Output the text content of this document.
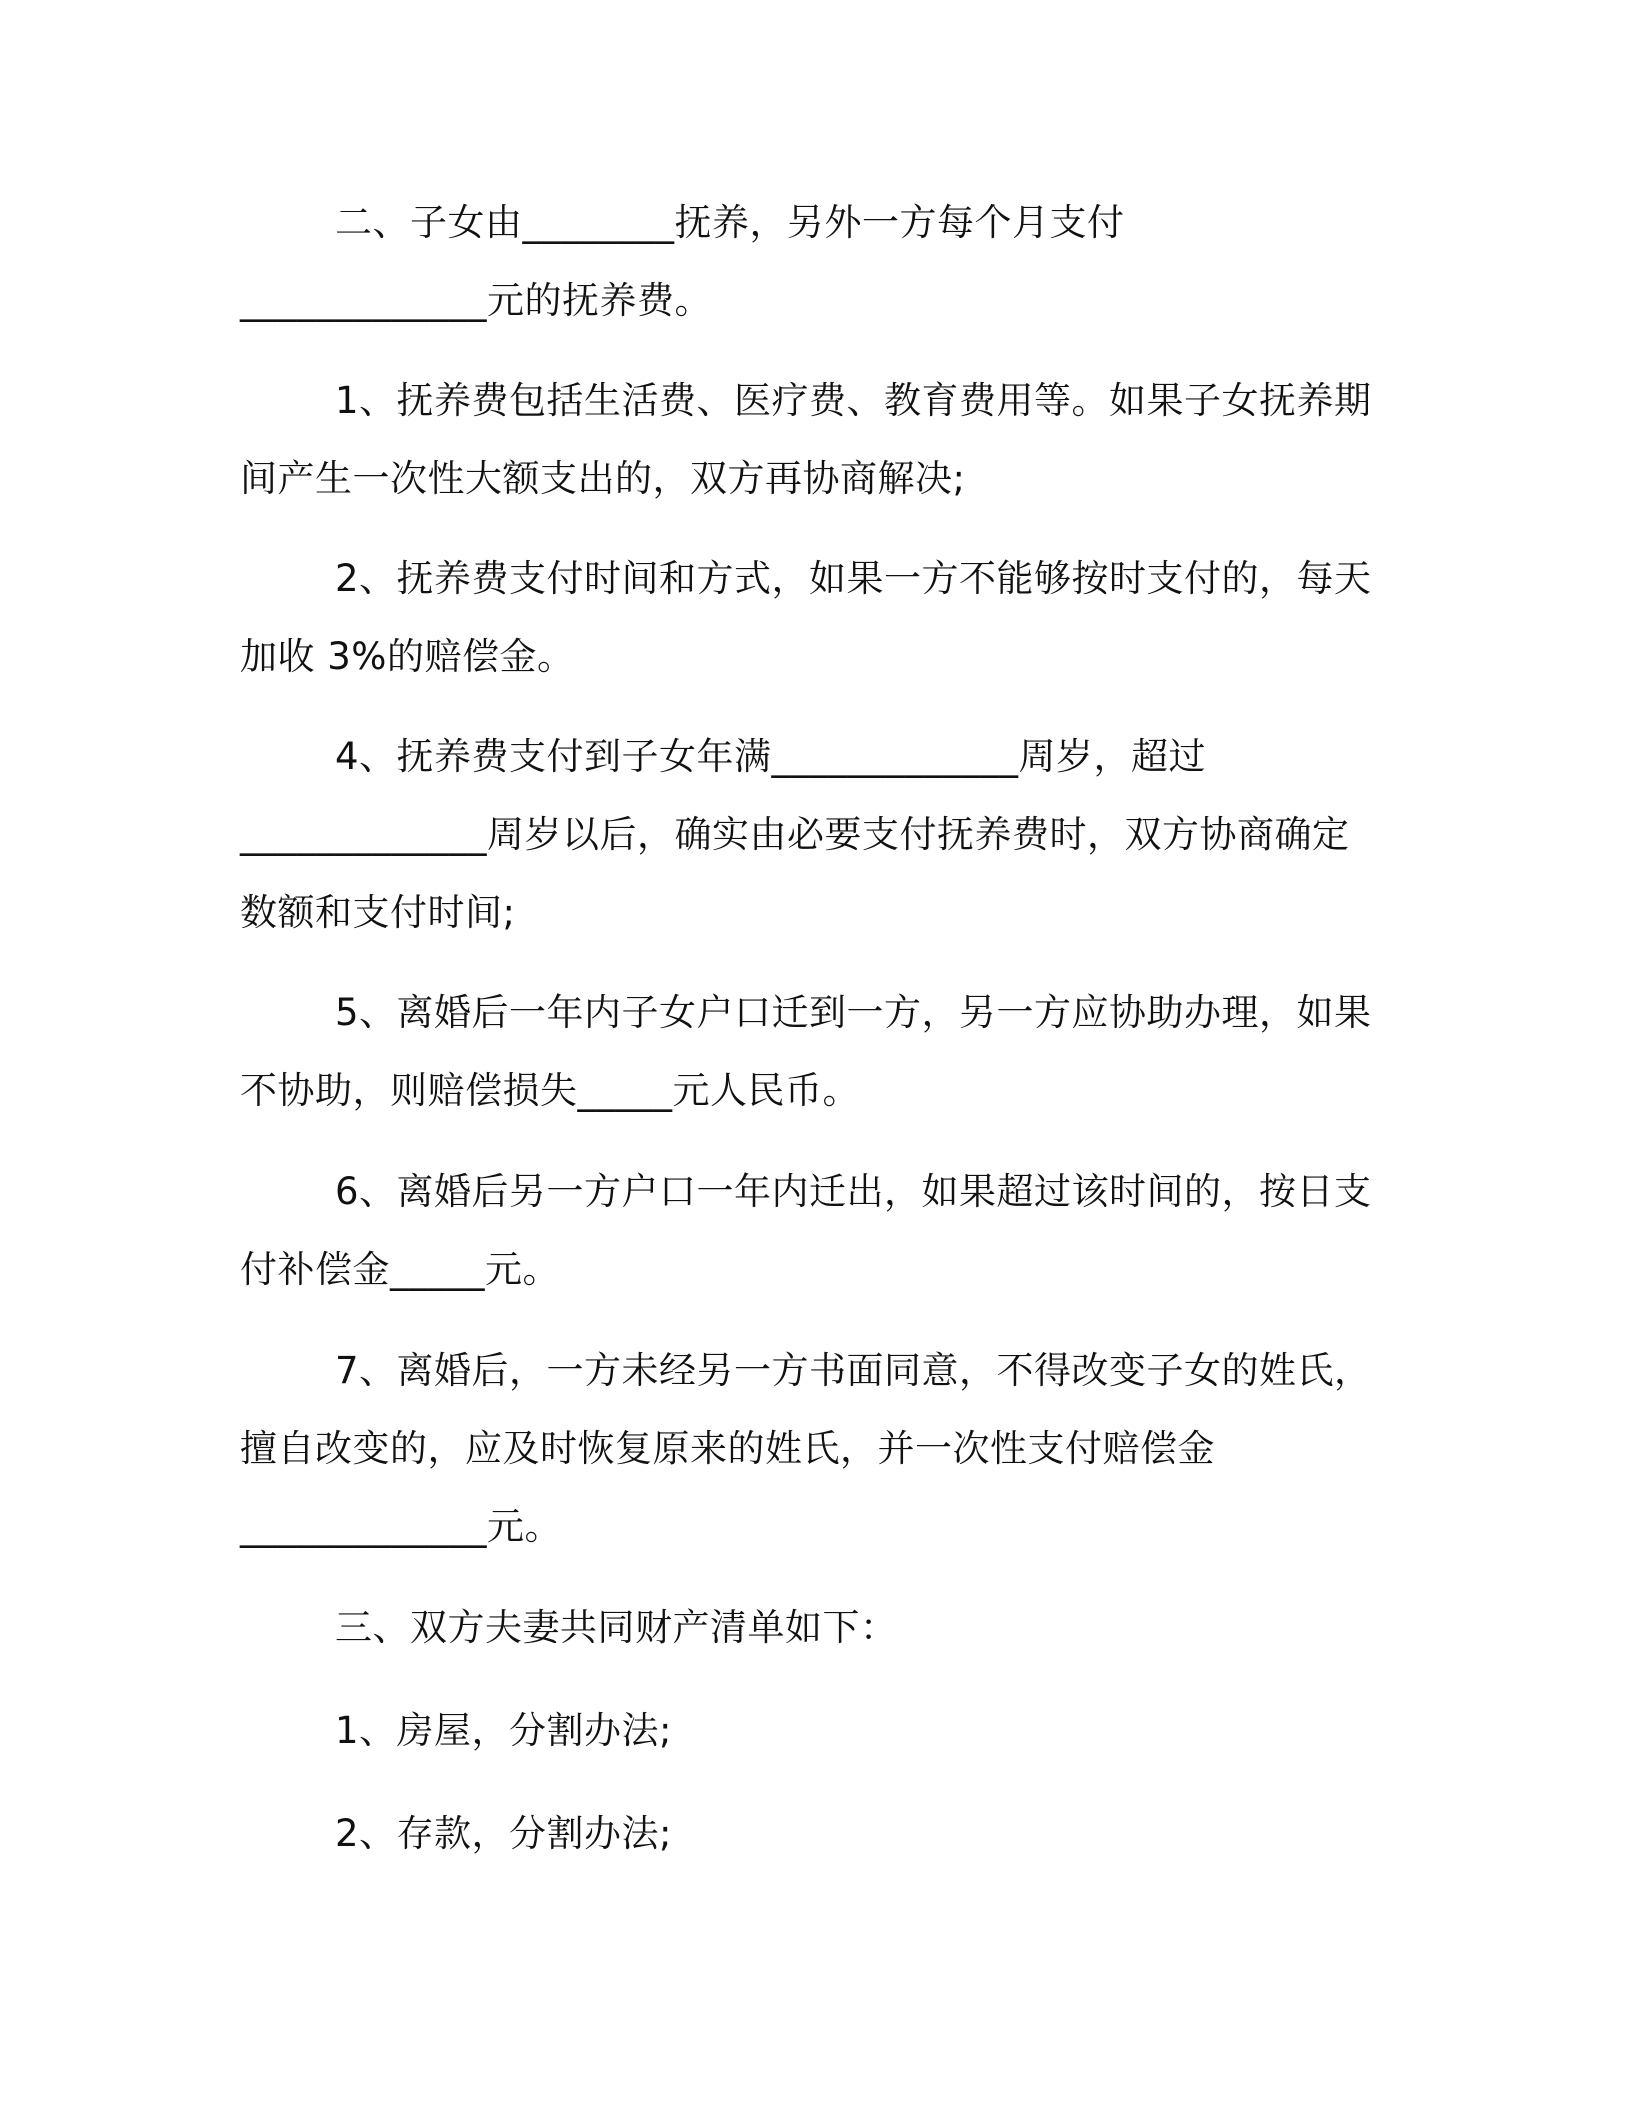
二、子女由________抚养，另外一方每个月支付
_____________元的抚养费。
1、抚养费包括生活费、医疗费、教育费用等。如果子女抚养期
间产生一次性大额支出的，双方再协商解决;
2、抚养费支付时间和方式，如果一方不能够按时支付的，每天
加收 3%的赔偿金。
4、抚养费支付到子女年满_____________周岁，超过
_____________周岁以后，确实由必要支付抚养费时，双方协商确定
数额和支付时间;
5、离婚后一年内子女户口迁到一方，另一方应协助办理，如果
不协助，则赔偿损失_____元人民币。
6、离婚后另一方户口一年内迁出，如果超过该时间的，按日支
付补偿金_____元。
7、离婚后，一方未经另一方书面同意，不得改变子女的姓氏，
擅自改变的，应及时恢复原来的姓氏，并一次性支付赔偿金
_____________元。
三、双方夫妻共同财产清单如下：
1、房屋，分割办法;
2、存款，分割办法;
